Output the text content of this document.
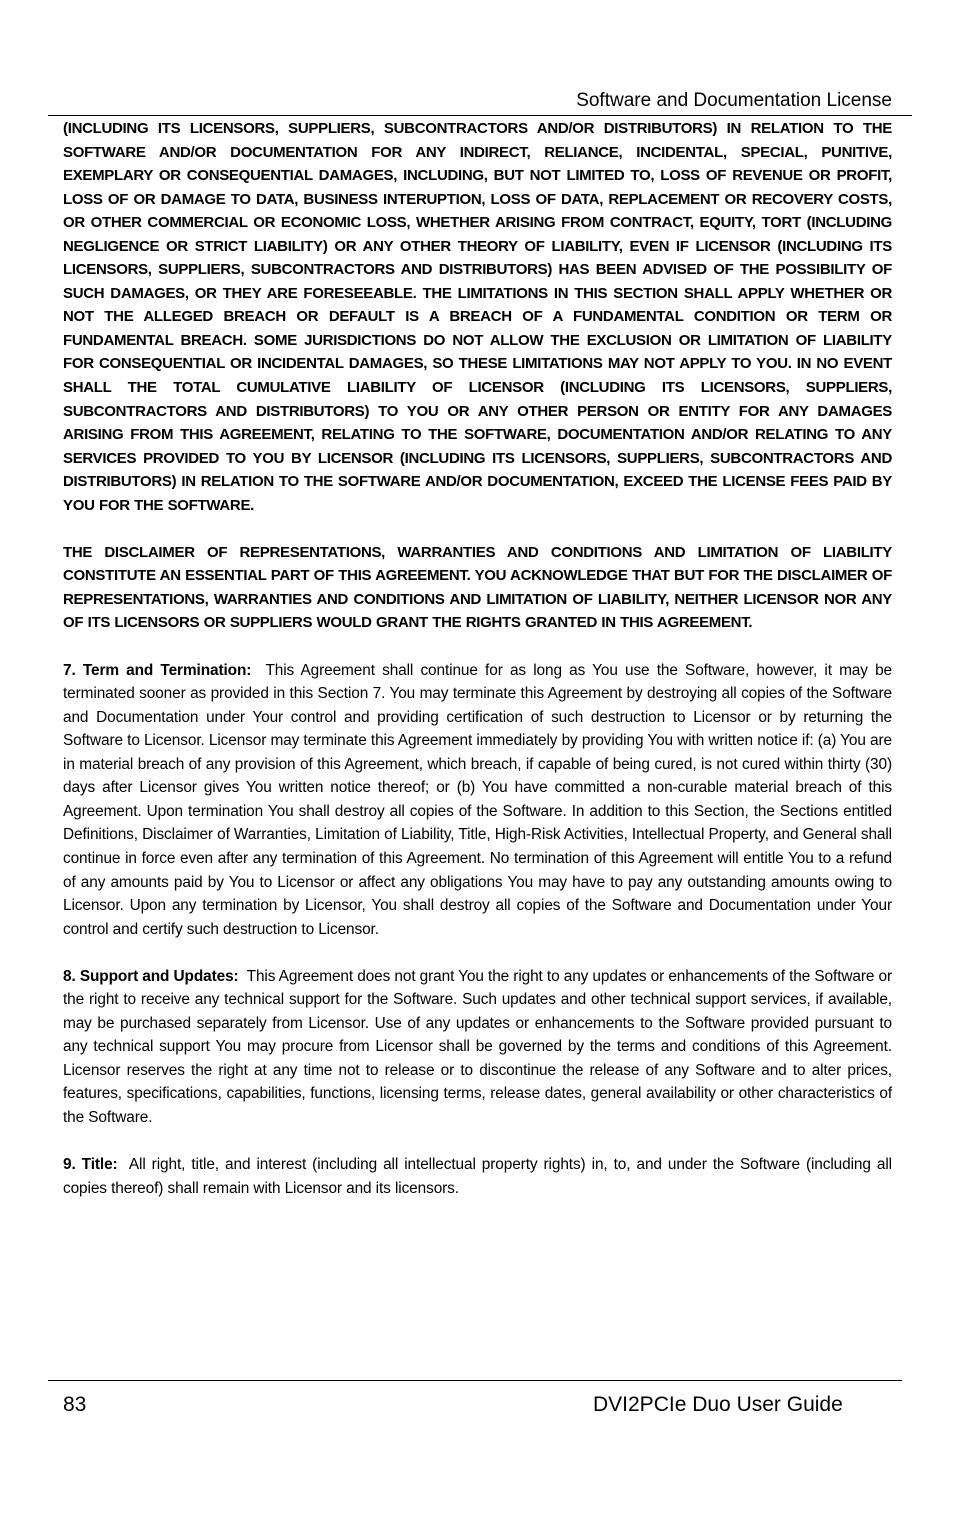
Software and Documentation License

(INCLUDING ITS LICENSORS, SUPPLIERS, SUBCONTRACTORS AND/OR DISTRIBUTORS) IN RELATION TO THE SOFTWARE AND/OR DOCUMENTATION FOR ANY INDIRECT, RELIANCE, INCIDENTAL, SPECIAL, PUNITIVE, EXEMPLARY OR CONSEQUENTIAL DAMAGES, INCLUDING, BUT NOT LIMITED TO, LOSS OF REVENUE OR PROFIT, LOSS OF OR DAMAGE TO DATA, BUSINESS INTERUPTION, LOSS OF DATA, REPLACEMENT OR RECOVERY COSTS, OR OTHER COMMERCIAL OR ECONOMIC LOSS, WHETHER ARISING FROM CONTRACT, EQUITY, TORT (INCLUDING NEGLIGENCE OR STRICT LIABILITY) OR ANY OTHER THEORY OF LIABILITY, EVEN IF LICENSOR (INCLUDING ITS LICENSORS, SUPPLIERS, SUBCONTRACTORS AND DISTRIBUTORS) HAS BEEN ADVISED OF THE POSSIBILITY OF SUCH DAMAGES, OR THEY ARE FORESEEABLE. THE LIMITATIONS IN THIS SECTION SHALL APPLY WHETHER OR NOT THE ALLEGED BREACH OR DEFAULT IS A BREACH OF A FUNDAMENTAL CONDITION OR TERM OR FUNDAMENTAL BREACH. SOME JURISDICTIONS DO NOT ALLOW THE EXCLUSION OR LIMITATION OF LIABILITY FOR CONSEQUENTIAL OR INCIDENTAL DAMAGES, SO THESE LIMITATIONS MAY NOT APPLY TO YOU. IN NO EVENT SHALL THE TOTAL CUMULATIVE LIABILITY OF LICENSOR (INCLUDING ITS LICENSORS, SUPPLIERS, SUBCONTRACTORS AND DISTRIBUTORS) TO YOU OR ANY OTHER PERSON OR ENTITY FOR ANY DAMAGES ARISING FROM THIS AGREEMENT, RELATING TO THE SOFTWARE, DOCUMENTATION AND/OR RELATING TO ANY SERVICES PROVIDED TO YOU BY LICENSOR (INCLUDING ITS LICENSORS, SUPPLIERS, SUBCONTRACTORS AND DISTRIBUTORS) IN RELATION TO THE SOFTWARE AND/OR DOCUMENTATION, EXCEED THE LICENSE FEES PAID BY YOU FOR THE SOFTWARE.

THE DISCLAIMER OF REPRESENTATIONS, WARRANTIES AND CONDITIONS AND LIMITATION OF LIABILITY CONSTITUTE AN ESSENTIAL PART OF THIS AGREEMENT. YOU ACKNOWLEDGE THAT BUT FOR THE DISCLAIMER OF REPRESENTATIONS, WARRANTIES AND CONDITIONS AND LIMITATION OF LIABILITY, NEITHER LICENSOR NOR ANY OF ITS LICENSORS OR SUPPLIERS WOULD GRANT THE RIGHTS GRANTED IN THIS AGREEMENT.

7. Term and Termination: This Agreement shall continue for as long as You use the Software, however, it may be terminated sooner as provided in this Section 7. You may terminate this Agreement by destroying all copies of the Software and Documentation under Your control and providing certification of such destruction to Licensor or by returning the Software to Licensor. Licensor may terminate this Agreement immediately by providing You with written notice if: (a) You are in material breach of any provision of this Agreement, which breach, if capable of being cured, is not cured within thirty (30) days after Licensor gives You written notice thereof; or (b) You have committed a non-curable material breach of this Agreement. Upon termination You shall destroy all copies of the Software. In addition to this Section, the Sections entitled Definitions, Disclaimer of Warranties, Limitation of Liability, Title, High-Risk Activities, Intellectual Property, and General shall continue in force even after any termination of this Agreement. No termination of this Agreement will entitle You to a refund of any amounts paid by You to Licensor or affect any obligations You may have to pay any outstanding amounts owing to Licensor. Upon any termination by Licensor, You shall destroy all copies of the Software and Documentation under Your control and certify such destruction to Licensor.

8. Support and Updates: This Agreement does not grant You the right to any updates or enhancements of the Software or the right to receive any technical support for the Software. Such updates and other technical support services, if available, may be purchased separately from Licensor. Use of any updates or enhancements to the Software provided pursuant to any technical support You may procure from Licensor shall be governed by the terms and conditions of this Agreement. Licensor reserves the right at any time not to release or to discontinue the release of any Software and to alter prices, features, specifications, capabilities, functions, licensing terms, release dates, general availability or other characteristics of the Software.

9. Title: All right, title, and interest (including all intellectual property rights) in, to, and under the Software (including all copies thereof) shall remain with Licensor and its licensors.

83	DVI2PCIe Duo User Guide
